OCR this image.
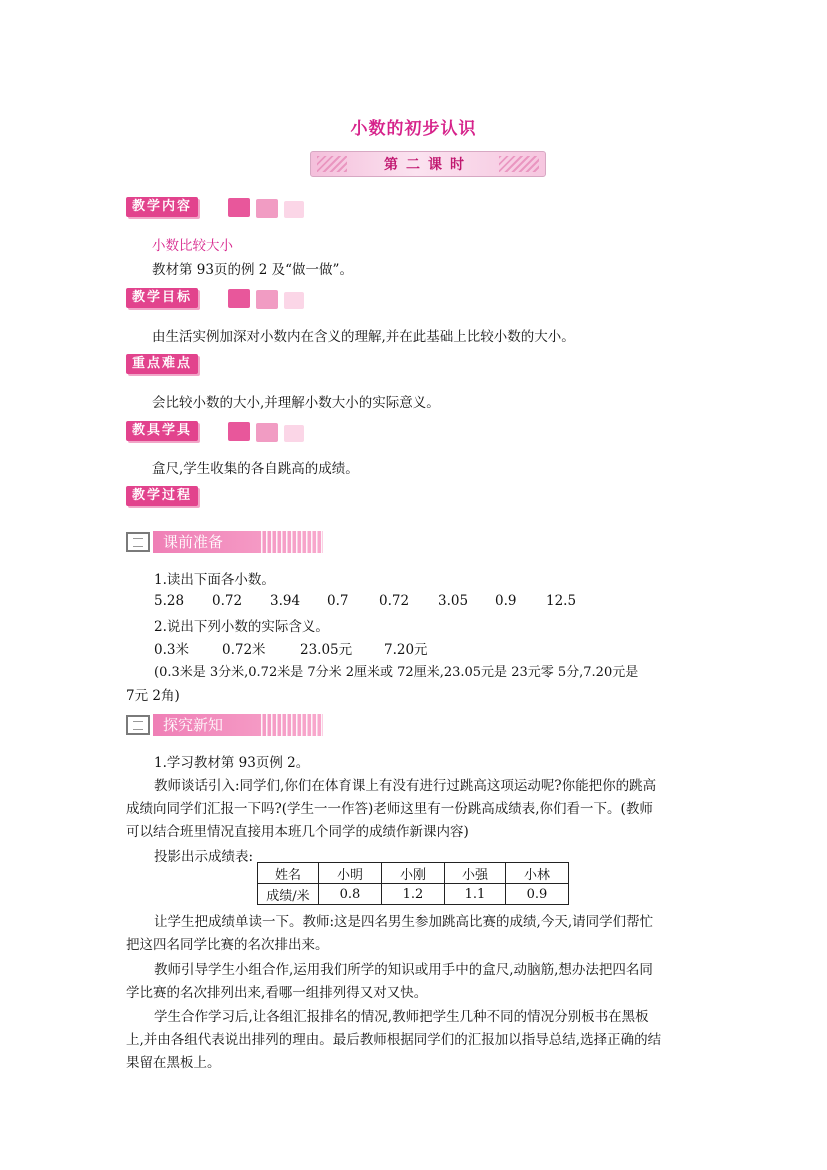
小数的初步认识
第二课时
教学内容
小数比较大小
教材第 93页的例 2 及“做一做”。
教学目标
由生活实例加深对小数内在含义的理解,并在此基础上比较小数的大小。
重点难点
会比较小数的大小,并理解小数大小的实际意义。
教具学具
盒尺,学生收集的各自跳高的成绩。
教学过程
课前准备
1.读出下面各小数。
5.28 0.72 3.94 0.7 0.72 3.05 0.9 12.5
2.说出下列小数的实际含义。
0.3米 0.72米	23.05元 7.20元
(0.3米是 3分米,0.72米是 7分米 2厘米或 72厘米,23.05元是 23元零 5分,7.20元是
7元 2角)
探究新知
1.学习教材第 93页例 2。
教师谈话引入:同学们,你们在体育课上有没有进行过跳高这项运动呢?你能把你的跳高
成绩向同学们汇报一下吗?(学生一一作答)老师这里有一份跳高成绩表,你们看一下。(教师
可以结合班里情况直接用本班几个同学的成绩作新课内容)
投影出示成绩表:
姓名	小明	小刚	小强	小林
成绩/米	0.8	1.2	1.1	0.9
让学生把成绩单读一下。教师:这是四名男生参加跳高比赛的成绩,今天,请同学们帮忙
把这四名同学比赛的名次排出来。
教师引导学生小组合作,运用我们所学的知识或用手中的盒尺,动脑筋,想办法把四名同
学比赛的名次排列出来,看哪一组排列得又对又快。
学生合作学习后,让各组汇报排名的情况,教师把学生几种不同的情况分别板书在黑板
上,并由各组代表说出排列的理由。最后教师根据同学们的汇报加以指导总结,选择正确的结
果留在黑板上。
